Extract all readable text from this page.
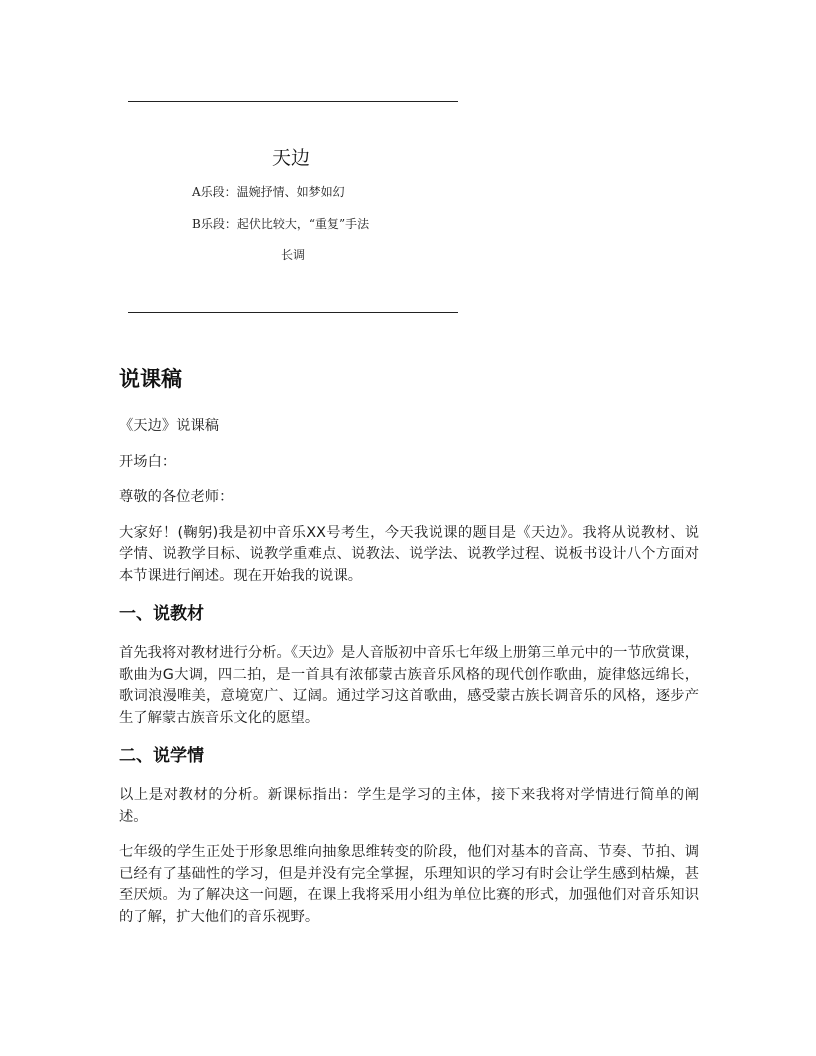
天边
A乐段：温婉抒情、如梦如幻
B乐段：起伏比较大，“重复”手法
长调
说课稿

《天边》说课稿

开场白：

尊敬的各位老师：

大家好！(鞠躬)我是初中音乐XX号考生，今天我说课的题目是《天边》。我将从说教材、说学情、说教学目标、说教学重难点、说教法、说学法、说教学过程、说板书设计八个方面对本节课进行阐述。现在开始我的说课。

一、说教材

首先我将对教材进行分析。《天边》是人音版初中音乐七年级上册第三单元中的一节欣赏课，歌曲为G大调，四二拍，是一首具有浓郁蒙古族音乐风格的现代创作歌曲，旋律悠远绵长，歌词浪漫唯美，意境宽广、辽阔。通过学习这首歌曲，感受蒙古族长调音乐的风格，逐步产生了解蒙古族音乐文化的愿望。

二、说学情

以上是对教材的分析。新课标指出：学生是学习的主体，接下来我将对学情进行简单的阐述。

七年级的学生正处于形象思维向抽象思维转变的阶段，他们对基本的音高、节奏、节拍、调已经有了基础性的学习，但是并没有完全掌握，乐理知识的学习有时会让学生感到枯燥，甚至厌烦。为了解决这一问题，在课上我将采用小组为单位比赛的形式，加强他们对音乐知识的了解，扩大他们的音乐视野。
